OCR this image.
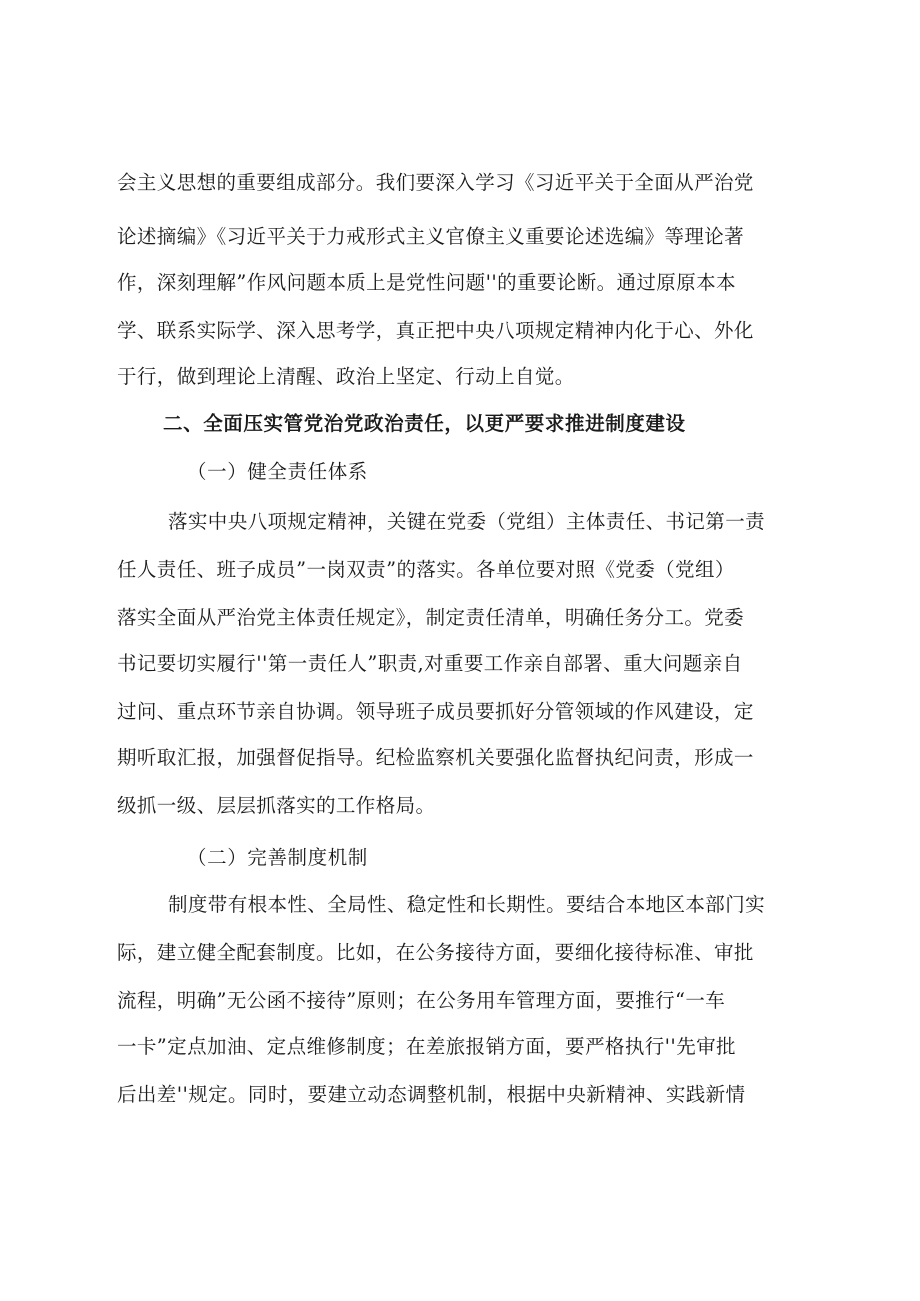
会主义思想的重要组成部分。我们要深入学习《习近平关于全面从严治党
论述摘编》《习近平关于力戒形式主义官僚主义重要论述选编》等理论著
作，深刻理解”作风问题本质上是党性问题''的重要论断。通过原原本本
学、联系实际学、深入思考学，真正把中央八项规定精神内化于心、外化
于行，做到理论上清醒、政治上坚定、行动上自觉。
二、全面压实管党治党政治责任，以更严要求推进制度建设
（一）健全责任体系
落实中央八项规定精神，关键在党委（党组）主体责任、书记第一责
任人责任、班子成员”一岗双责”的落实。各单位要对照《党委（党组）
落实全面从严治党主体责任规定》，制定责任清单，明确任务分工。党委
书记要切实履行''第一责任人”职责,对重要工作亲自部署、重大问题亲自
过问、重点环节亲自协调。领导班子成员要抓好分管领域的作风建设，定
期听取汇报，加强督促指导。纪检监察机关要强化监督执纪问责，形成一
级抓一级、层层抓落实的工作格局。
（二）完善制度机制
制度带有根本性、全局性、稳定性和长期性。要结合本地区本部门实
际，建立健全配套制度。比如，在公务接待方面，要细化接待标准、审批
流程，明确”无公函不接待”原则；在公务用车管理方面，要推行“一车
一卡”定点加油、定点维修制度；在差旅报销方面，要严格执行''先审批
后出差''规定。同时，要建立动态调整机制，根据中央新精神、实践新情
